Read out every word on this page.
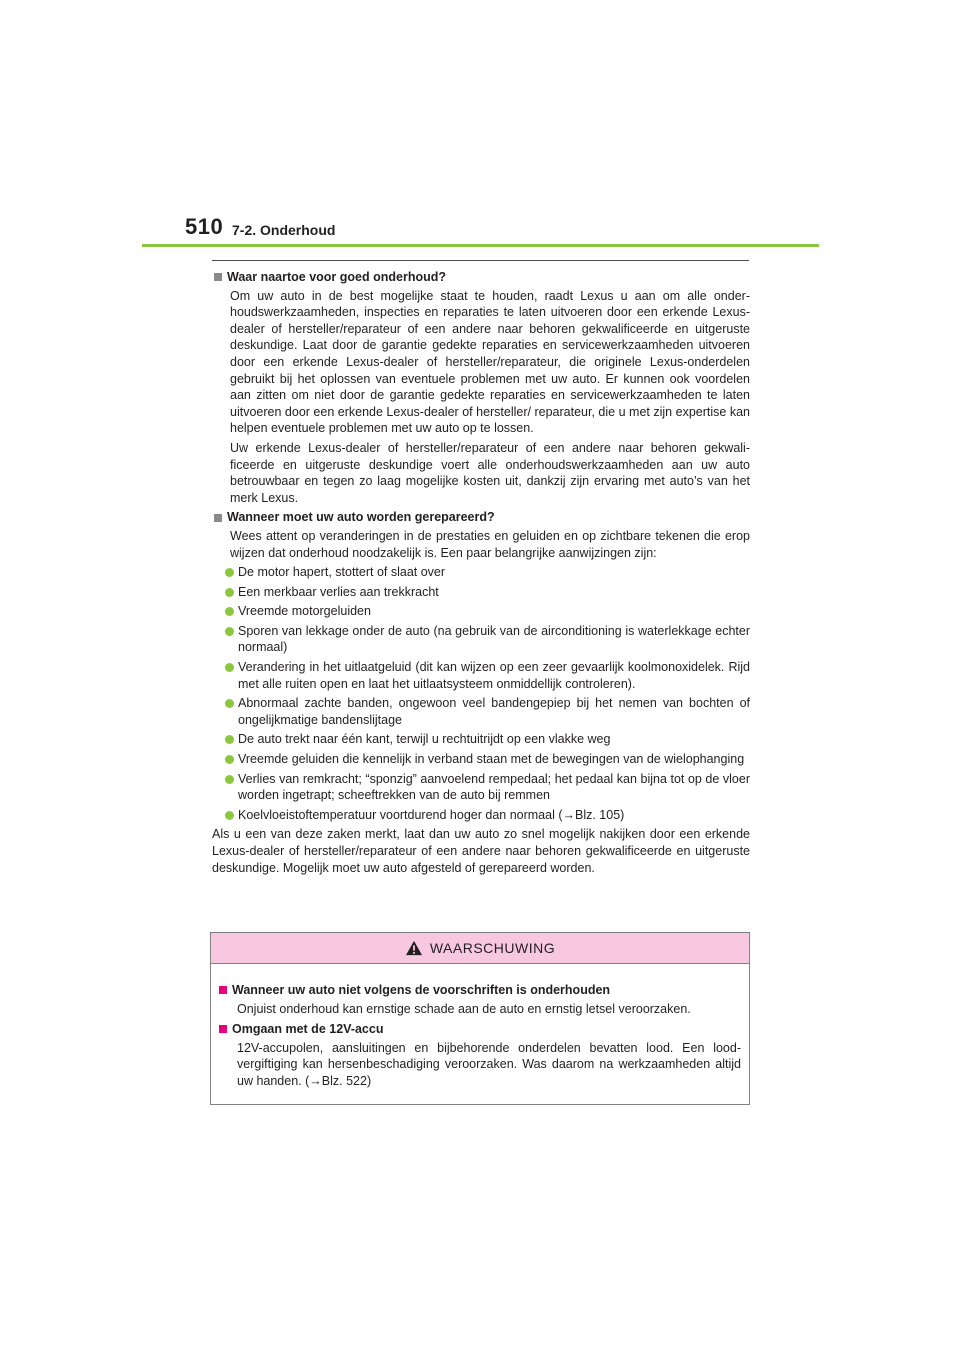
510 7-2. Onderhoud
Waar naartoe voor goed onderhoud?

Om uw auto in de best mogelijke staat te houden, raadt Lexus u aan om alle onderhoudswerkzaamheden, inspecties en reparaties te laten uitvoeren door een erkende Lexus-dealer of hersteller/reparateur of een andere naar behoren gekwalificeerde en uitgeruste deskundige. Laat door de garantie gedekte reparaties en servicewerkzaamheden uitvoeren door een erkende Lexus-dealer of hersteller/reparateur, die originele Lexus-onderdelen gebruikt bij het oplossen van eventuele problemen met uw auto. Er kunnen ook voordelen aan zitten om niet door de garantie gedekte reparaties en servicewerkzaamheden te laten uitvoeren door een erkende Lexus-dealer of hersteller/ reparateur, die u met zijn expertise kan helpen eventuele problemen met uw auto op te lossen.

Uw erkende Lexus-dealer of hersteller/reparateur of een andere naar behoren gekwalificeerde en uitgeruste deskundige voert alle onderhoudswerkzaamheden aan uw auto betrouwbaar en tegen zo laag mogelijke kosten uit, dankzij zijn ervaring met auto’s van het merk Lexus.

Wanneer moet uw auto worden gerepareerd?

Wees attent op veranderingen in de prestaties en geluiden en op zichtbare tekenen die erop wijzen dat onderhoud noodzakelijk is. Een paar belangrijke aanwijzingen zijn:

De motor hapert, stottert of slaat over
Een merkbaar verlies aan trekkracht
Vreemde motorgeluiden
Sporen van lekkage onder de auto (na gebruik van de airconditioning is waterlekkage echter normaal)
Verandering in het uitlaatgeluid (dit kan wijzen op een zeer gevaarlijk koolmonoxidelek. Rijd met alle ruiten open en laat het uitlaatsysteem onmiddellijk controleren).
Abnormaal zachte banden, ongewoon veel bandengepiep bij het nemen van bochten of ongelijkmatige bandenslijtage
De auto trekt naar één kant, terwijl u rechtuitrijdt op een vlakke weg
Vreemde geluiden die kennelijk in verband staan met de bewegingen van de wielophanging
Verlies van remkracht; “sponzig” aanvoelend rempedaal; het pedaal kan bijna tot op de vloer worden ingetrapt; scheeftrekken van de auto bij remmen
Koelvloeistoftemperatuur voortdurend hoger dan normaal (→Blz. 105)

Als u een van deze zaken merkt, laat dan uw auto zo snel mogelijk nakijken door een erkende Lexus-dealer of hersteller/reparateur of een andere naar behoren gekwalificeerde en uitgeruste deskundige. Mogelijk moet uw auto afgesteld of gerepareerd worden.

WAARSCHUWING
Wanneer uw auto niet volgens de voorschriften is onderhouden

Onjuist onderhoud kan ernstige schade aan de auto en ernstig letsel veroorzaken.

Omgaan met de 12V-accu

12V-accupolen, aansluitingen en bijbehorende onderdelen bevatten lood. Een loodvergiftiging kan hersenbeschadiging veroorzaken. Was daarom na werkzaamheden altijd uw handen. (→Blz. 522)
